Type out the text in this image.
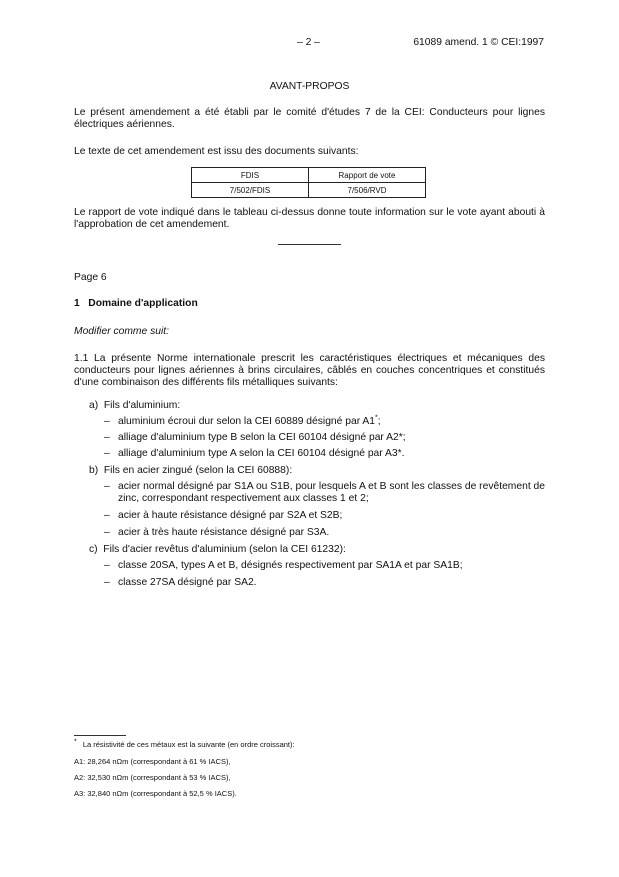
– 2 –	61089 amend. 1 © CEI:1997
AVANT-PROPOS
Le présent amendement a été établi par le comité d'études 7 de la CEI: Conducteurs pour lignes électriques aériennes.
Le texte de cet amendement est issu des documents suivants:
FDIS	Rapport de vote
7/502/FDIS	7/506/RVD
Le rapport de vote indiqué dans le tableau ci-dessus donne toute information sur le vote ayant abouti à l'approbation de cet amendement.
Page 6
1   Domaine d'application
Modifier comme suit:
1.1 La présente Norme internationale prescrit les caractéristiques électriques et mécaniques des conducteurs pour lignes aériennes à brins circulaires, câblés en couches concentriques et constitués d'une combinaison des différents fils métalliques suivants:
a)  Fils d'aluminium:
– aluminium écroui dur selon la CEI 60889 désigné par A1*;
– alliage d'aluminium type B selon la CEI 60104 désigné par A2*;
– alliage d'aluminium type A selon la CEI 60104 désigné par A3*.
b)  Fils en acier zingué (selon la CEI 60888):
– acier normal désigné par S1A ou S1B, pour lesquels A et B sont les classes de revêtement de zinc, correspondant respectivement aux classes 1 et 2;
– acier à haute résistance désigné par S2A et S2B;
– acier à très haute résistance désigné par S3A.
c)  Fils d'acier revêtus d'aluminium (selon la CEI 61232):
– classe 20SA, types A et B, désignés respectivement par SA1A et par SA1B;
– classe 27SA désigné par SA2.
* La résistivité de ces métaux est la suivante (en ordre croissant):
A1: 28,264 nΩm (correspondant à 61 % IACS),
A2: 32,530 nΩm (correspondant à 53 % IACS),
A3: 32,840 nΩm (correspondant à 52,5 % IACS).
